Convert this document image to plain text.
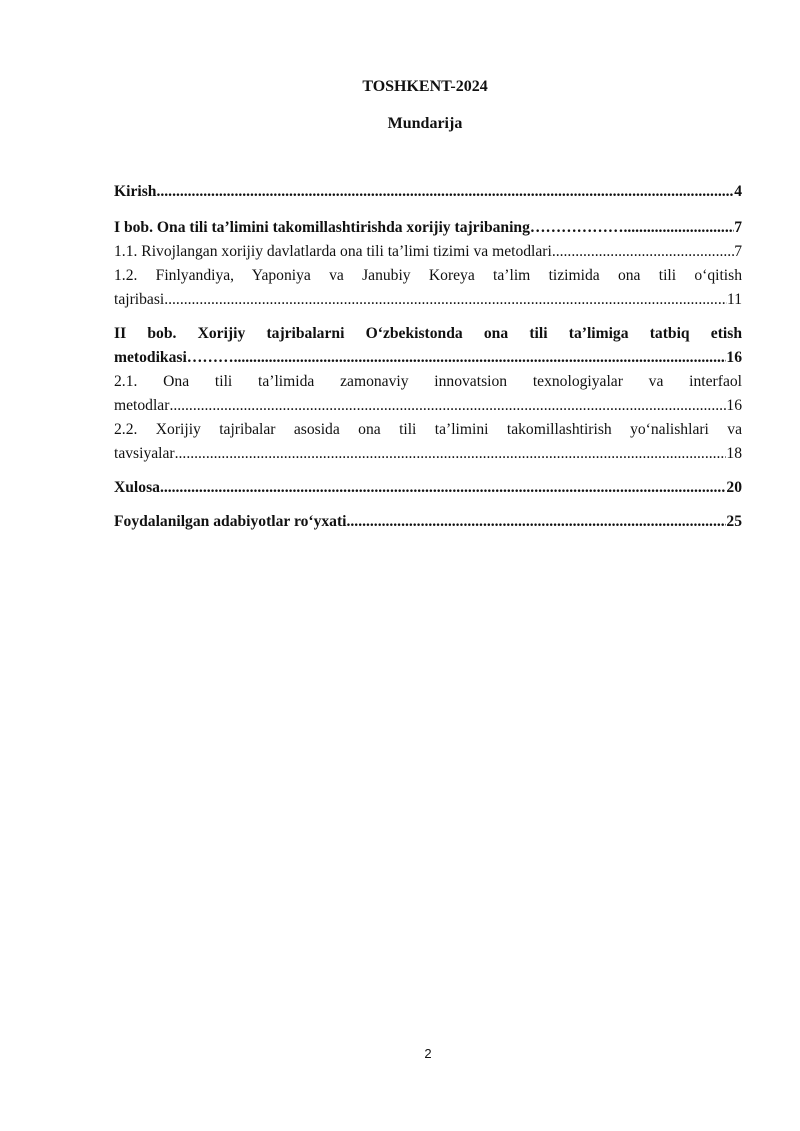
TOSHKENT-2024
Mundarija
Kirish .....	4
I bob. Ona tili ta’limini takomillashtirishda xorijiy tajribaning ………………. .....	7
1.1. Rivojlangan xorijiy davlatlarda ona tili ta’limi tizimi va metodlari .....	7
1.2. Finlyandiya, Yaponiya va Janubiy Koreya ta’lim tizimida ona tili o‘qitish
tajribasi .....	11
II bob. Xorijiy tajribalarni O‘zbekistonda ona tili ta’limiga tatbiq etish
metodikasi ……… .....	16
2.1. Ona tili ta’limida zamonaviy innovatsion texnologiyalar va interfaol
metodlar .....	16
2.2. Xorijiy tajribalar asosida ona tili ta’limini takomillashtirish yo‘nalishlari va
tavsiyalar .....	18
Xulosa .....	20
Foydalanilgan adabiyotlar ro‘yxati .....	25
2
